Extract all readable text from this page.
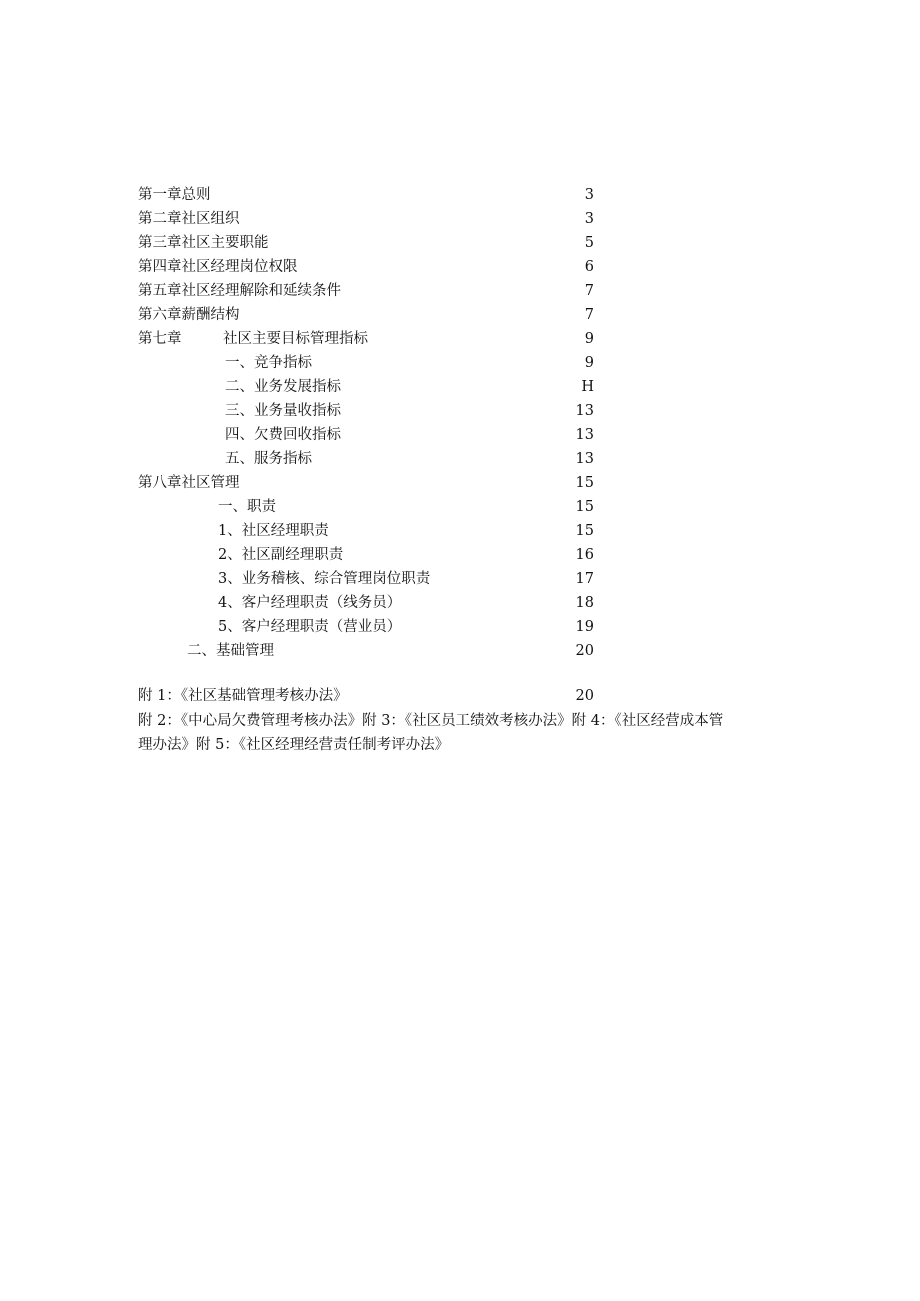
第一章总则	3
第二章社区组织	3
第三章社区主要职能	5
第四章社区经理岗位权限	6
第五章社区经理解除和延续条件	7
第六章薪酬结构	7
第七章	社区主要目标管理指标	9
一、竞争指标	9
二、业务发展指标	H
三、业务量收指标	13
四、欠费回收指标	13
五、服务指标	13
第八章社区管理	15
一、职责	15
1、社区经理职责	15
2、社区副经理职责	16
3、业务稽核、综合管理岗位职责	17
4、客户经理职责（线务员）	18
5、客户经理职责（营业员）	19
二、基础管理	20
附 1：《社区基础管理考核办法》	20
附 2：《中心局欠费管理考核办法》附 3：《社区员工绩效考核办法》附 4：《社区经营成本管
理办法》附 5：《社区经理经营责任制考评办法》
